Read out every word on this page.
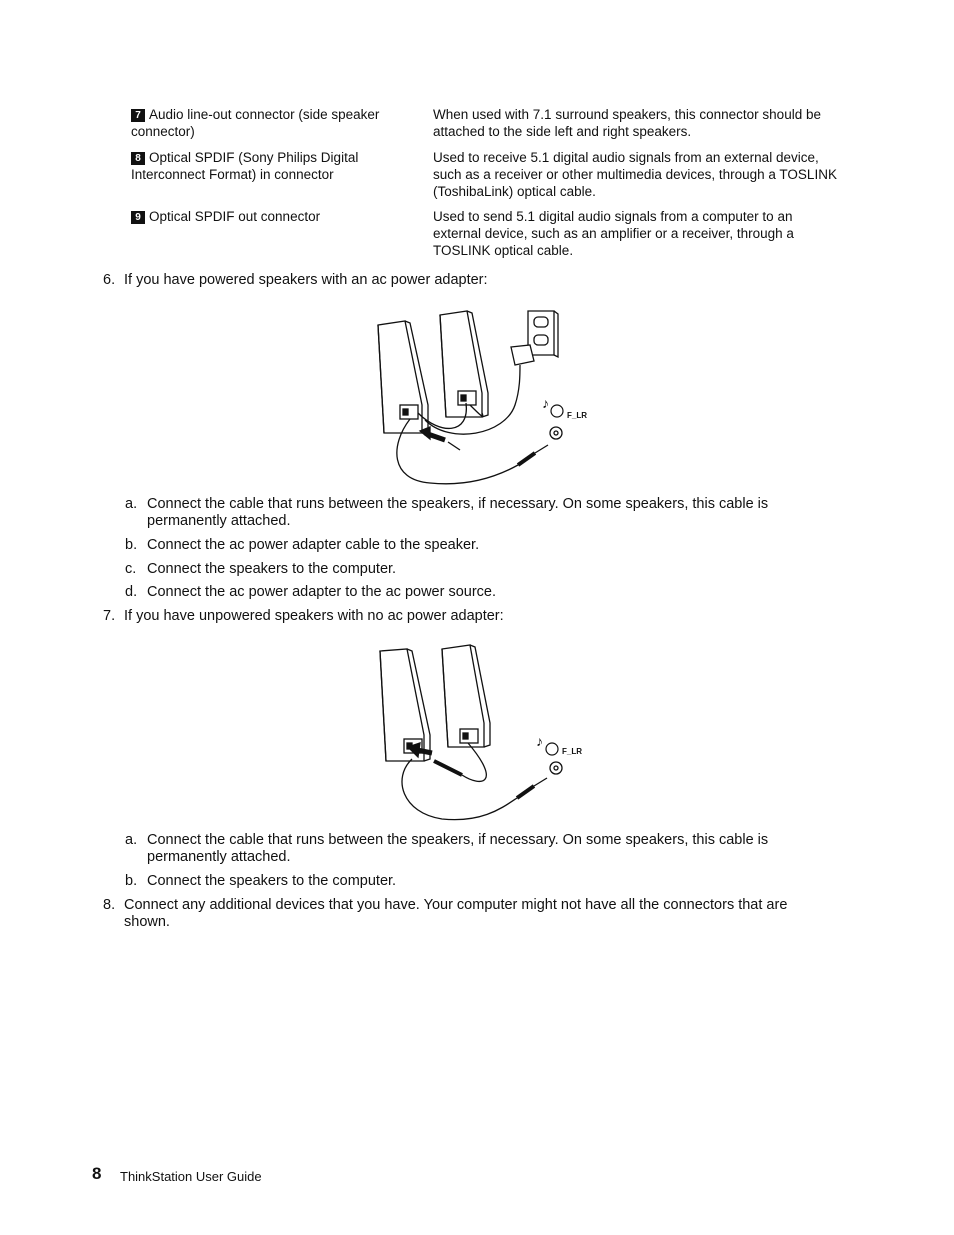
7 Audio line-out connector (side speaker connector)
When used with 7.1 surround speakers, this connector should be attached to the side left and right speakers.
8 Optical SPDIF (Sony Philips Digital Interconnect Format) in connector
Used to receive 5.1 digital audio signals from an external device, such as a receiver or other multimedia devices, through a TOSLINK (ToshibaLink) optical cable.
9 Optical SPDIF out connector	Used to send 5.1 digital audio signals from a computer to an external device, such as an amplifier or a receiver, through a TOSLINK optical cable.
6. If you have powered speakers with an ac power adapter:
♪
F_LR
a. Connect the cable that runs between the speakers, if necessary. On some speakers, this cable is permanently attached.
b. Connect the ac power adapter cable to the speaker.
c. Connect the speakers to the computer.
d. Connect the ac power adapter to the ac power source.
7. If you have unpowered speakers with no ac power adapter:
♪
F_LR
a. Connect the cable that runs between the speakers, if necessary. On some speakers, this cable is permanently attached.
b. Connect the speakers to the computer.
8. Connect any additional devices that you have. Your computer might not have all the connectors that are shown.
8 ThinkStation User Guide
